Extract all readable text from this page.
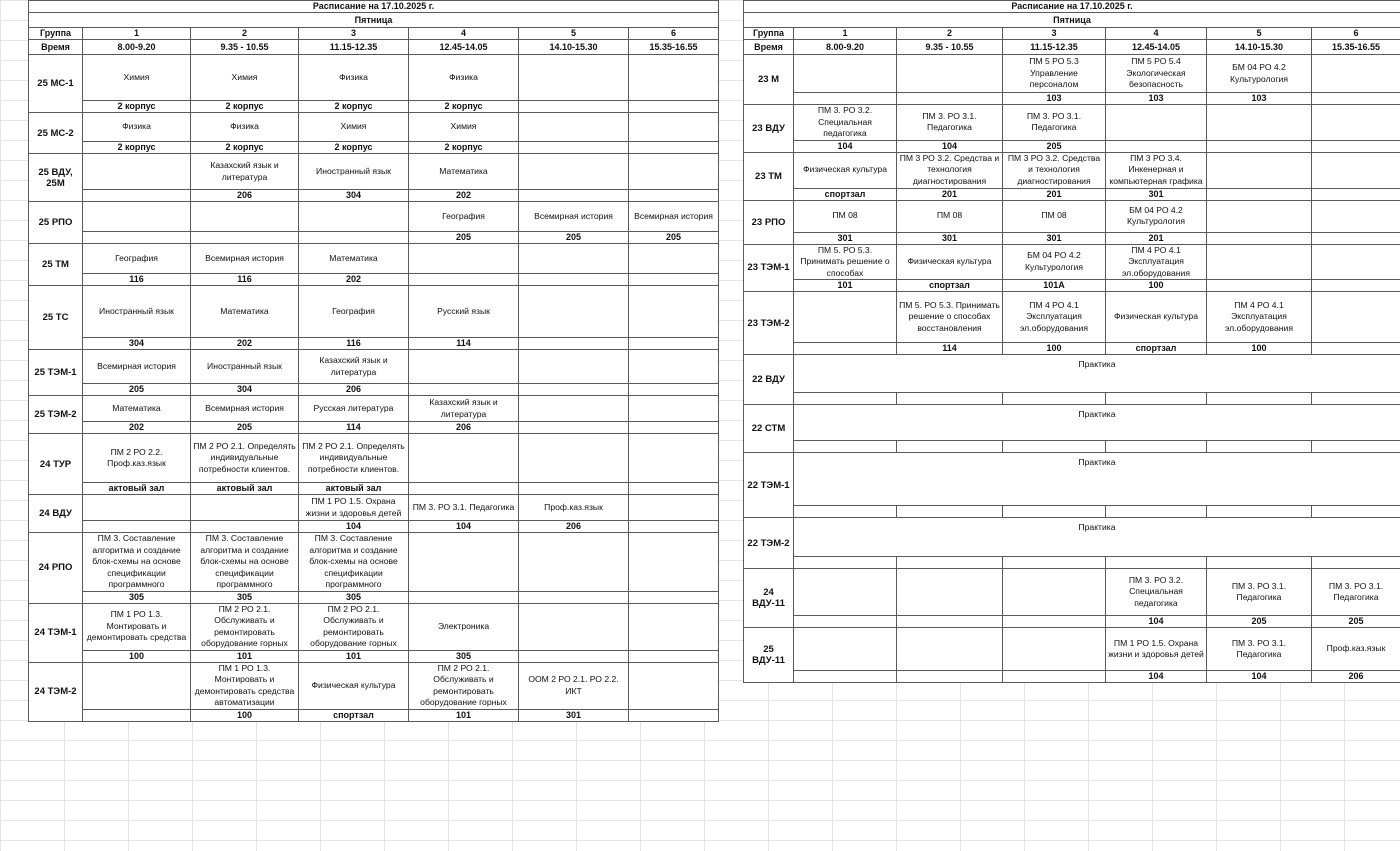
Расписание на 17.10.2025 г.						
Пятница						
Группа	1	2	3	4	5	6
Время	8.00-9.20	9.35 - 10.55	11.15-12.35	12.45-14.05	14.10-15.30	15.35-16.55
25 МС-1	Химия	Химия	Физика	Физика		
	2 корпус	2 корпус	2 корпус	2 корпус		
25 МС-2	Физика	Физика	Химия	Химия		
	2 корпус	2 корпус	2 корпус	2 корпус		
25 ВДУ, 25М		Казахский язык и литература	Иностранный язык	Математика		
		206	304	202		
25 РПО				География	Всемирная история	Всемирная история
				205	205	205
25 ТМ	География	Всемирная история	Математика			
	116	116	202			
25 ТС	Иностранный язык	Математика	География	Русский язык		
	304	202	116	114		
25 ТЭМ-1	Всемирная история	Иностранный язык	Казахский язык и литература			
	205	304	206			
25 ТЭМ-2	Математика	Всемирная история	Русская литература	Казахский язык и литература		
	202	205	114	206		
24 ТУР	ПМ 2 РО 2.2. Проф.каз.язык	ПМ 2 РО 2.1. Определять индивидуальные потребности клиентов.	ПМ 2 РО 2.1. Определять индивидуальные потребности клиентов.			
	актовый зал	актовый зал	актовый зал			
24 ВДУ			ПМ 1 РО 1.5. Охрана жизни и здоровья детей	ПМ 3. РО 3.1. Педагогика	Проф.каз.язык	
			104	104	206	
24 РПО	ПМ 3. Составление алгоритма и создание блок-схемы на основе спецификации программного	ПМ 3. Составление алгоритма и создание блок-схемы на основе спецификации программного	ПМ 3. Составление алгоритма и создание блок-схемы на основе спецификации программного			
	305	305	305			
24 ТЭМ-1	ПМ 1 РО 1.3. Монтировать и демонтировать средства	ПМ 2 РО 2.1. Обслуживать и ремонтировать оборудование горных	ПМ 2 РО 2.1. Обслуживать и ремонтировать оборудование горных	Электроника		
	100	101	101	305		
24 ТЭМ-2		ПМ 1 РО 1.3. Монтировать и демонтировать средства автоматизации	Физическая культура	ПМ 2 РО 2.1. Обслуживать и ремонтировать оборудование горных	ООМ 2 РО 2.1. РО 2.2. ИКТ	
		100	спортзал	101	301	
Расписание на 17.10.2025 г.						
Пятница						
Группа	1	2	3	4	5	6
Время	8.00-9.20	9.35 - 10.55	11.15-12.35	12.45-14.05	14.10-15.30	15.35-16.55
23 М			ПМ 5 РО 5.3 Управление персоналом	ПМ 5 РО 5.4 Экологическая безопасность	БМ 04 РО 4.2 Культурология	
			103	103	103	
23 ВДУ	ПМ 3. РО 3.2. Специальная педагогика	ПМ 3. РО 3.1. Педагогика	ПМ 3. РО 3.1. Педагогика			
	104	104	205			
23 ТМ	Физическая культура	ПМ 3 РО 3.2. Средства и технология диагностирования	ПМ 3 РО 3.2. Средства и технология диагностирования	ПМ 3 РО 3.4. Инкенерная и компьютерная графика		
	спортзал	201	201	301		
23 РПО	ПМ 08	ПМ 08	ПМ 08	БМ 04 РО 4.2 Культурология		
	301	301	301	201		
23 ТЭМ-1	ПМ 5. РО 5.3. Принимать решение о способах	Физическая культура	БМ 04 РО 4.2 Культурология	ПМ 4 РО 4.1 Эксплуатация эл.оборудования		
	101	спортзал	101А	100		
23 ТЭМ-2		ПМ 5. РО 5.3. Принимать решение о способах восстановления	ПМ 4 РО 4.1 Эксплуатация эл.оборудования	Физическая культура	ПМ 4 РО 4.1 Эксплуатация эл.оборудования	
		114	100	спортзал	100	
22 ВДУ	Практика					

22 СТМ	Практика					

22 ТЭМ-1	Практика					

22 ТЭМ-2	Практика					

24 ВДУ-11				ПМ 3. РО 3.2. Специальная педагогика	ПМ 3. РО 3.1. Педагогика	ПМ 3. РО 3.1. Педагогика
				104	205	205
25 ВДУ-11				ПМ 1 РО 1.5. Охрана жизни и здоровья детей	ПМ 3. РО 3.1. Педагогика	Проф.каз.язык
				104	104	206
